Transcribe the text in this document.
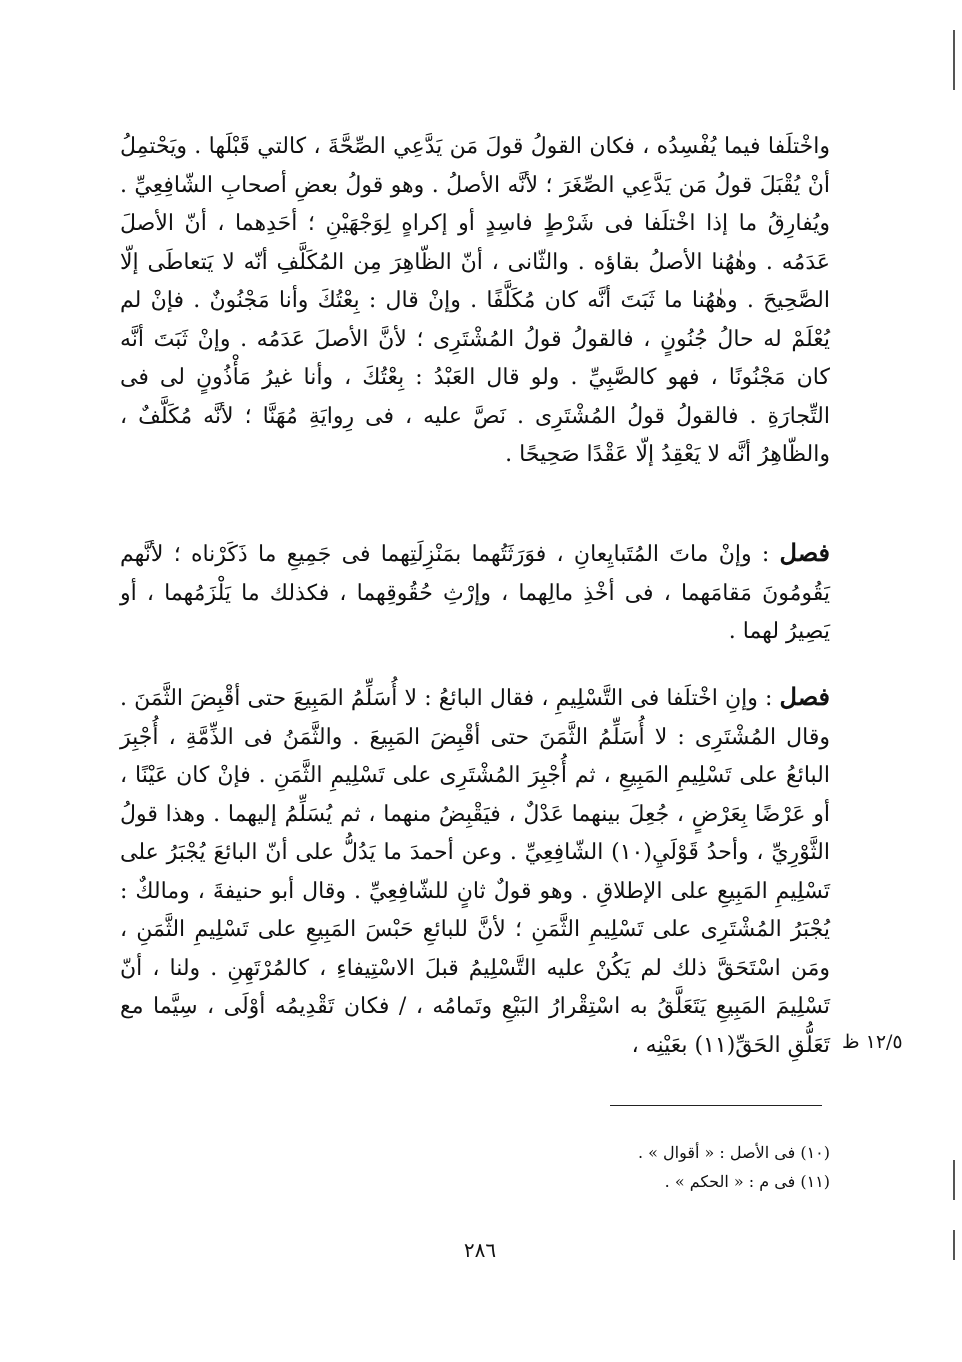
واخْتلَفا فيما يُفْسِدُه ، فكان القولُ قولَ مَن يَدَّعِي الصِّحَّةَ ، كالتي قَبْلَها . ويَحْتمِلُ أنْ يُقْبَلَ قولُ مَن يَدَّعِي الصِّغَرَ ؛ لأنَّه الأصلُ . وهو قولُ بعضِ أصحابِ الشّافِعِيِّ . ويُفارِقُ ما إذا اخْتلَفا فى شَرْطٍ فاسِدٍ أو إكراهٍ لِوَجْهَيْنِ ؛ أحَدِهما ، أنّ الأصلَ عَدَمُه . وهٰهُنا الأصلُ بقاؤه . والثّانى ، أنّ الظّاهِرَ مِن المُكَلَّفِ أنّه لا يَتعاطَى إلّا الصَّحِيحَ . وهٰهُنا ما ثَبَتَ أنَّه كان مُكَلَّفًا . وإنْ قال : بِعْتُكَ وأنا مَجْنُونٌ . فإنْ لم يُعْلَمْ له حالُ جُنُونٍ ، فالقولُ قولُ المُشْتَرِى ؛ لأنَّ الأصلَ عَدَمُه . وإنْ ثَبَتَ أنَّه كان مَجْنُونًا ، فهو كالصَّبِيِّ . ولو قال العَبْدُ : بِعْتُكَ ، وأنا غيرُ مَأْذُونٍ لى فى التِّجارَةِ . فالقولُ قولُ المُشْتَرِى . نَصَّ عليه ، فى رِوايَةِ مُهَنَّا ؛ لأنَّه مُكَلَّفٌ ، والظّاهِرُ أنَّه لا يَعْقِدُ إلّا عَقْدًا صَحِيحًا .

فصل : وإنْ ماتَ المُتَبايِعانِ ، فوَرَثَتُهما بمَنْزِلَتِهما فى جَمِيعِ ما ذَكَرْناه ؛ لأنَّهم يَقُومُونَ مَقامَهما ، فى أخْذِ مالِهما ، وإرْثِ حُقُوقِهما ، فكذلك ما يَلْزَمُهما ، أو يَصِيرُ لهما .

فصل : وإنِ اخْتلَفا فى التَّسْلِيمِ ، فقال البائعُ : لا أُسَلِّمُ المَبِيعَ حتى أقْبِضَ الثَّمَنَ . وقال المُشْتَرِى : لا أُسَلِّمُ الثَّمَنَ حتى أقْبِضَ المَبِيعَ . والثَّمَنُ فى الذِّمَّةِ ، أُجْبِرَ البائعُ على تَسْلِيمِ المَبِيعِ ، ثم أُجْبِرَ المُشْتَرِى على تَسْلِيمِ الثَّمَنِ . فإنْ كان عَيْنًا ، أو عَرْضًا بِعَرْضٍ ، جُعِلَ بينهما عَدْلٌ ، فيَقْبِضُ منهما ، ثم يُسَلِّمُ إليهما . وهذا قولُ الثَّوْرِيِّ ، وأحدُ قَوْلَيِ(١٠) الشّافِعِيِّ . وعن أحمدَ ما يَدُلُّ على أنّ البائعَ يُجْبَرُ على تَسْلِيمِ المَبِيعِ على الإطلاقِ . وهو قولٌ ثانٍ للشّافِعِيِّ . وقال أبو حنيفةَ ، ومالكٌ : يُجْبَرُ المُشْتَرِى على تَسْلِيمِ الثَّمَنِ ؛ لأنَّ للبائعِ حَبْسَ المَبِيعِ على تَسْلِيمِ الثَّمَنِ ، ومَن اسْتَحَقَّ ذلك لم يَكُنْ عليه التَّسْلِيمُ قبلَ الاسْتِيفاءِ ، كالمُرْتَهِنِ . ولنا ، أنّ تَسْلِيمَ المَبِيعِ يَتَعَلَّقُ به اسْتِقْرارُ البَيْعِ وتَمامُه ، / فكان تَقْدِيمُه أوْلَى ، سِيَّما مع تَعَلُّقِ الحَقِّ(١١) بعَيْنِه ، ١٢/٥ ظ
(١٠) فى الأصل : « أقوال » .
(١١) فى م : « الحكم » .
٢٨٦
